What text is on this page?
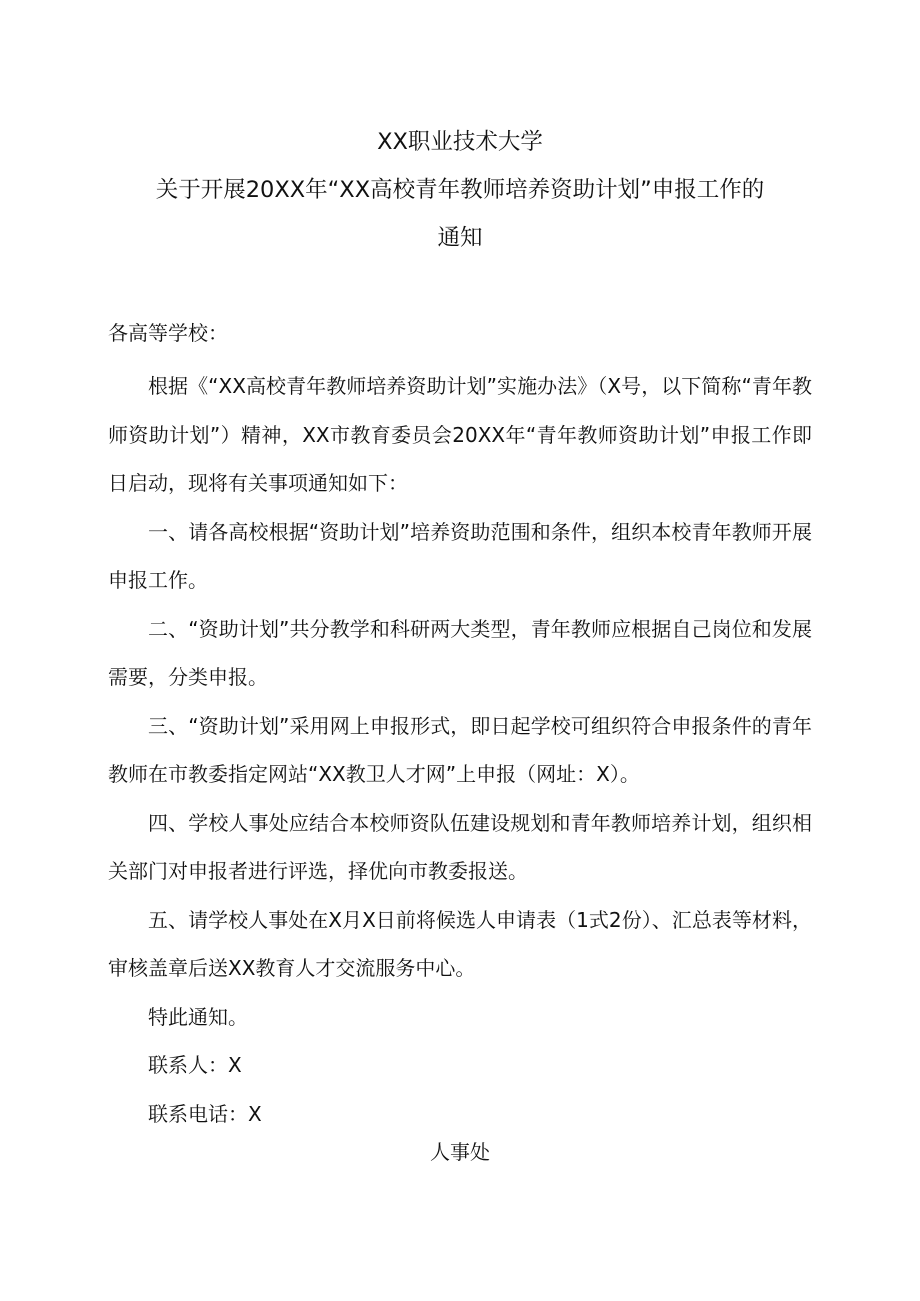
XX职业技术大学
关于开展20XX年“XX高校青年教师培养资助计划”申报工作的
通知
各高等学校：

根据《“XX高校青年教师培养资助计划”实施办法》（X号，以下简称“青年教师资助计划”）精神，XX市教育委员会20XX年“青年教师资助计划”申报工作即日启动，现将有关事项通知如下：

一、请各高校根据“资助计划”培养资助范围和条件，组织本校青年教师开展申报工作。

二、“资助计划”共分教学和科研两大类型，青年教师应根据自己岗位和发展需要，分类申报。

三、“资助计划”采用网上申报形式，即日起学校可组织符合申报条件的青年教师在市教委指定网站“XX教卫人才网”上申报（网址：X）。

四、学校人事处应结合本校师资队伍建设规划和青年教师培养计划，组织相关部门对申报者进行评选，择优向市教委报送。

五、请学校人事处在X月X日前将候选人申请表（1式2份）、汇总表等材料，审核盖章后送XX教育人才交流服务中心。

特此通知。

联系人：X

联系电话：X

人事处
